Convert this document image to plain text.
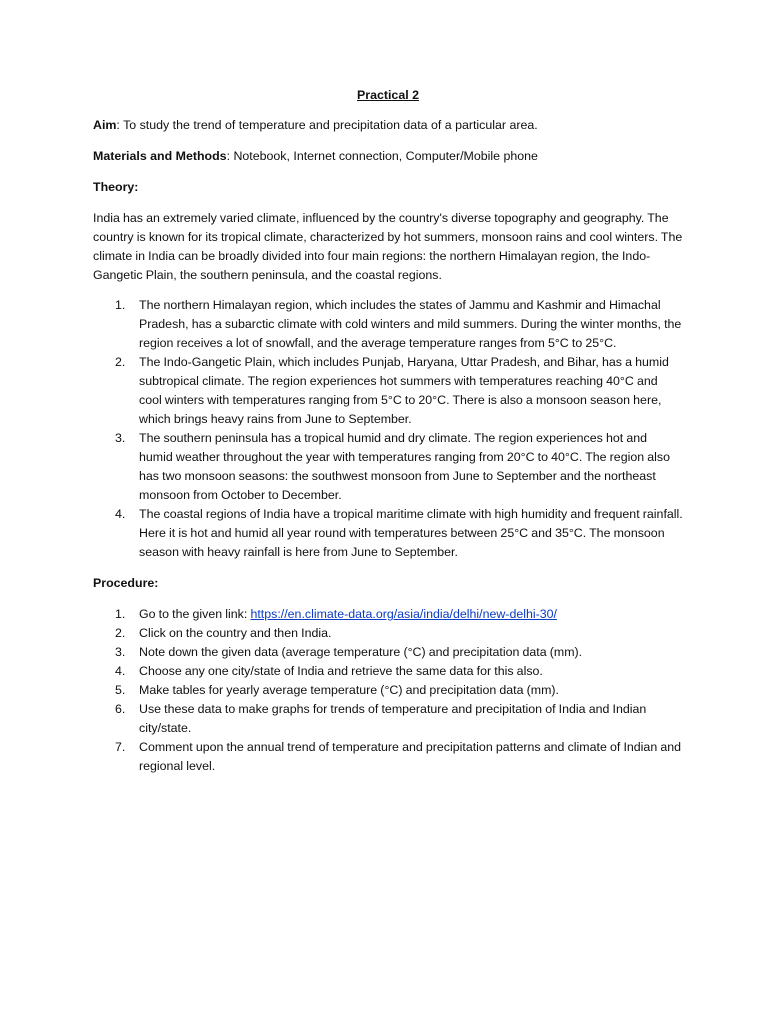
Practical 2
Aim: To study the trend of temperature and precipitation data of a particular area.
Materials and Methods: Notebook, Internet connection, Computer/Mobile phone
Theory:
India has an extremely varied climate, influenced by the country's diverse topography and geography. The country is known for its tropical climate, characterized by hot summers, monsoon rains and cool winters. The climate in India can be broadly divided into four main regions: the northern Himalayan region, the Indo-Gangetic Plain, the southern peninsula, and the coastal regions.
1. The northern Himalayan region, which includes the states of Jammu and Kashmir and Himachal Pradesh, has a subarctic climate with cold winters and mild summers. During the winter months, the region receives a lot of snowfall, and the average temperature ranges from 5°C to 25°C.
2. The Indo-Gangetic Plain, which includes Punjab, Haryana, Uttar Pradesh, and Bihar, has a humid subtropical climate. The region experiences hot summers with temperatures reaching 40°C and cool winters with temperatures ranging from 5°C to 20°C. There is also a monsoon season here, which brings heavy rains from June to September.
3. The southern peninsula has a tropical humid and dry climate. The region experiences hot and humid weather throughout the year with temperatures ranging from 20°C to 40°C. The region also has two monsoon seasons: the southwest monsoon from June to September and the northeast monsoon from October to December.
4. The coastal regions of India have a tropical maritime climate with high humidity and frequent rainfall. Here it is hot and humid all year round with temperatures between 25°C and 35°C. The monsoon season with heavy rainfall is here from June to September.
Procedure:
1. Go to the given link: https://en.climate-data.org/asia/india/delhi/new-delhi-30/
2. Click on the country and then India.
3. Note down the given data (average temperature (°C) and precipitation data (mm).
4. Choose any one city/state of India and retrieve the same data for this also.
5. Make tables for yearly average temperature (°C) and precipitation data (mm).
6. Use these data to make graphs for trends of temperature and precipitation of India and Indian city/state.
7. Comment upon the annual trend of temperature and precipitation patterns and climate of Indian and regional level.
